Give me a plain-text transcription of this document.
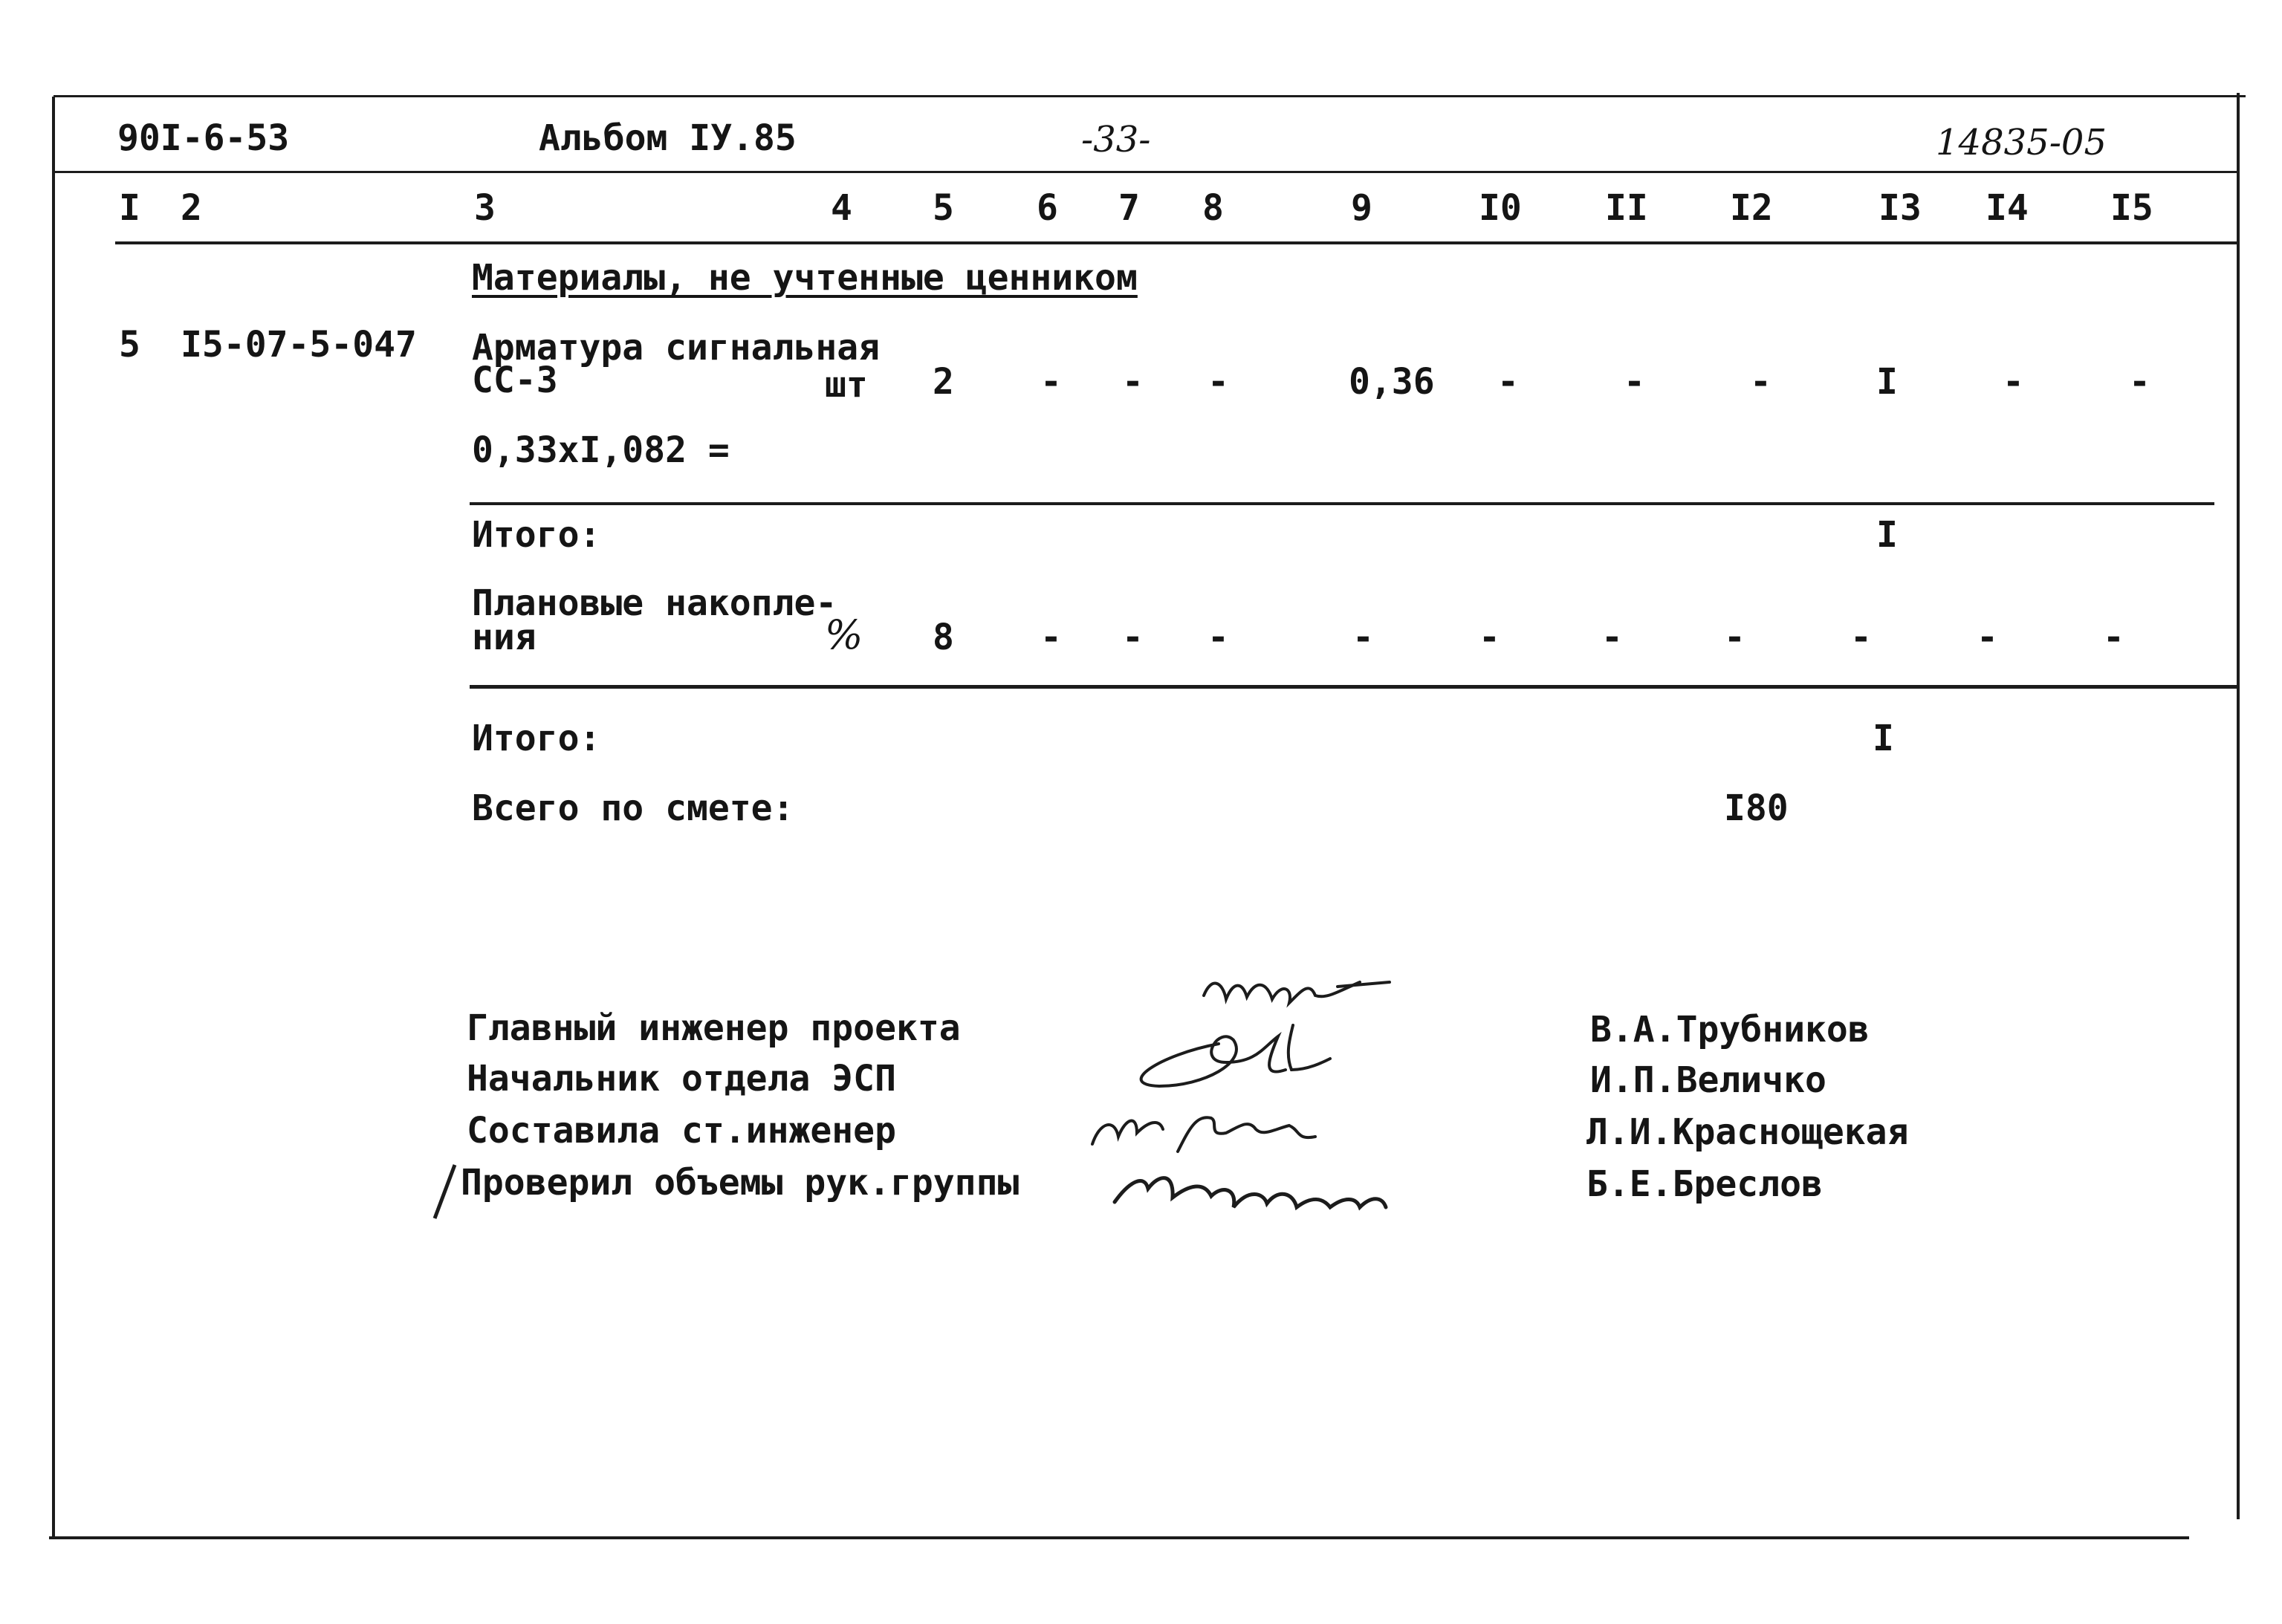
90I-6-53	Альбом IУ.85	-33-	14835-05
I 2	3	4 5 6 7 8	9	I0 II I2	I3 I4 I5
Материалы, не учтенные ценником
5 I5-07-5-047 Арматура сигнальная
СС-3	шт 2 - - -	0,36 -	-	-	I	-	-
0,33xI,082 =
Итого:	I
Плановые накопле-
ния	% 8 - - -	-	-	-	-	-	-	-
Итого:	I
Всего по смете:	I80
Главный инженер проекта
Начальник отдела ЭСП
Составила ст.инженер
Проверил объемы рук.группы
В.А.Трубников
И.П.Величко
Л.И.Краснощекая
Б.Е.Бреслов
